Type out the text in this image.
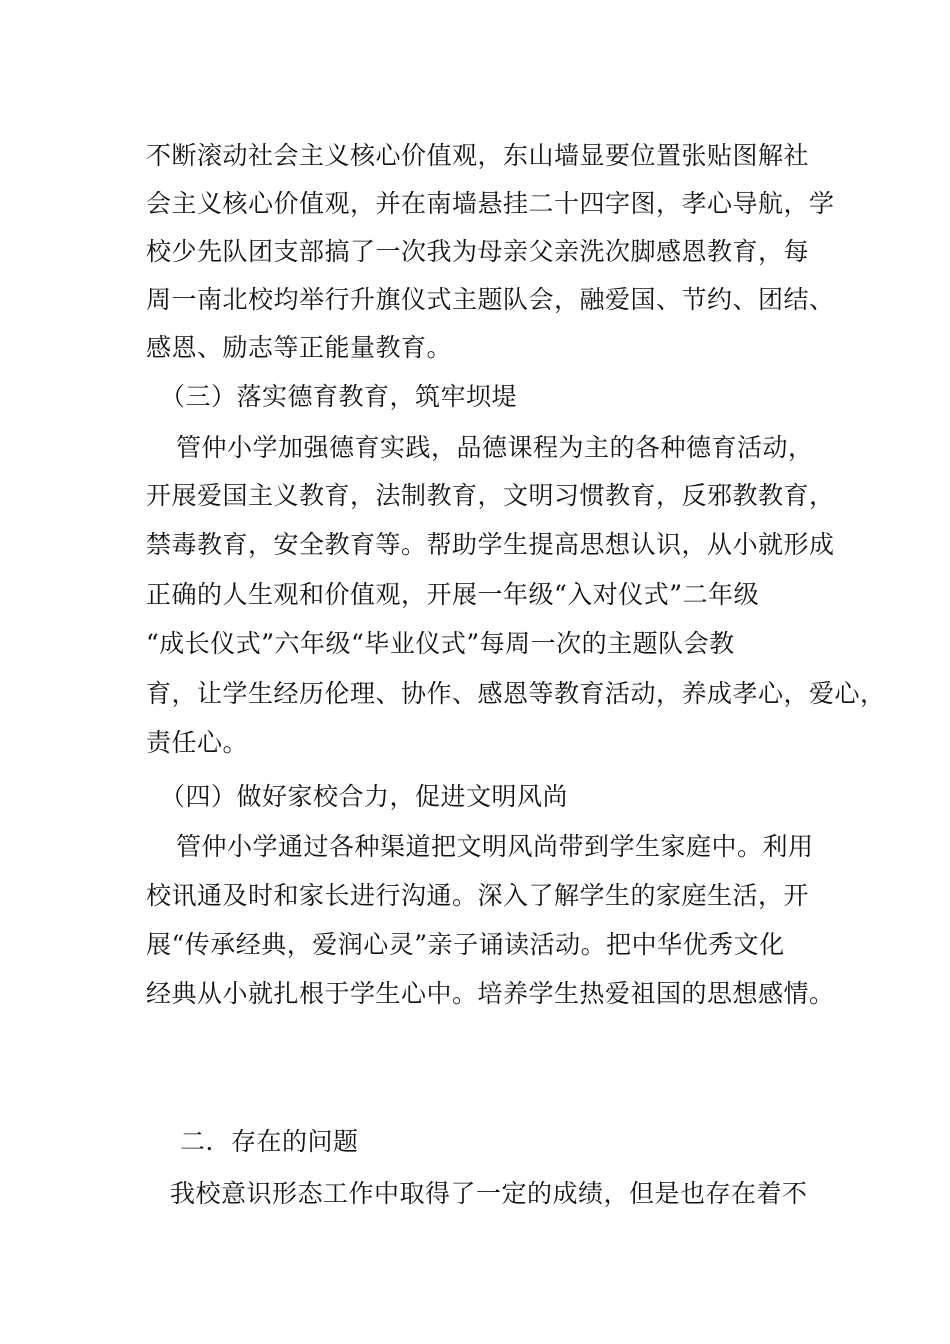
不断滚动社会主义核心价值观，东山墙显要位置张贴图解社
会主义核心价值观，并在南墙悬挂二十四字图，孝心导航，学
校少先队团支部搞了一次我为母亲父亲洗次脚感恩教育，每
周一南北校均举行升旗仪式主题队会，融爱国、节约、团结、
感恩、励志等正能量教育。
（三）落实德育教育，筑牢坝堤
管仲小学加强德育实践，品德课程为主的各种德育活动，
开展爱国主义教育，法制教育，文明习惯教育，反邪教教育，
禁毒教育，安全教育等。帮助学生提高思想认识，从小就形成
正确的人生观和价值观，开展一年级“入对仪式”二年级
“成长仪式”六年级“毕业仪式”每周一次的主题队会教
育，让学生经历伦理、协作、感恩等教育活动，养成孝心，爱心，
责任心。
（四）做好家校合力，促进文明风尚
管仲小学通过各种渠道把文明风尚带到学生家庭中。利用
校讯通及时和家长进行沟通。深入了解学生的家庭生活，开
展“传承经典，爱润心灵”亲子诵读活动。把中华优秀文化
经典从小就扎根于学生心中。培养学生热爱祖国的思想感情。
二．存在的问题
我校意识形态工作中取得了一定的成绩，但是也存在着不
